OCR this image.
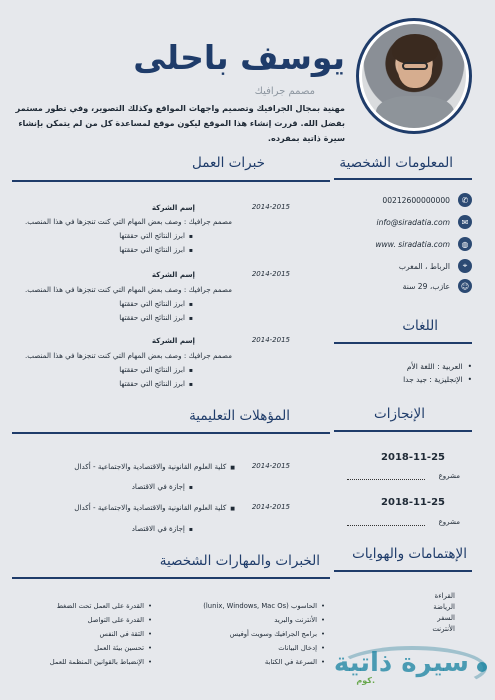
يوسف باحلى
مصمم جرافيك
مهنية بمجال الجرافيك وتصميم واجهات المواقع وكذلك التصوير، وفي تطور مستمر بفضل الله. قررت إنشاء هذا الموقع ليكون موقع لمساعدة كل من لم يتمكن بإنشاء سيرة ذاتية بمفرده.
المعلومات الشخصية
✆
00212600000000
✉
info@siradatia.com
◍
www. siradatia.com
⌖
الرباط ، المغرب
☺
عازب، 29 سنة
اللغات
• العربية : اللغة الأم
• الإنجليزية : جيد جدا
الإنجازات
2018-11-25
مشروع
2018-11-25
مشروع
الإهتمامات والهوايات
القراءة
الرياضة
السفر
الأنترنت
خبرات العمل
2014-2015
إسم الشركة
مصمم جرافيك : وصف بعض المهام التي كنت تنجزها في هذا المنصب.
▪ ابرز النتائج التي حققتها
▪ ابرز النتائج التي حققتها
2014-2015
إسم الشركة
مصمم جرافيك : وصف بعض المهام التي كنت تنجزها في هذا المنصب.
▪ ابرز النتائج التي حققتها
▪ ابرز النتائج التي حققتها
2014-2015
إسم الشركة
مصمم جرافيك : وصف بعض المهام التي كنت تنجزها في هذا المنصب.
▪ ابرز النتائج التي حققتها
▪ ابرز النتائج التي حققتها
المؤهلات التعليمية
2014-2015
■ كلية العلوم القانونية والاقتصادية والاجتماعية - أكدال
▪ إجازة في الاقتصاد
2014-2015
■ كلية العلوم القانونية والاقتصادية والاجتماعية - أكدال
▪ إجازة في الاقتصاد
الخبرات والمهارات الشخصية
• الحاسوب (lunix, Windows, Mac Os)
• الأنترنت والبريد
• برامج الجرافيك وسويت أوفيس
• إدخال البيانات
• السرعة في الكتابة
• القدرة على العمل تحت الضغط
• القدرة على التواصل
• الثقة في النفس
• تحسين بيئة العمل
• الإنضباط بالقوانين المنظمة للعمل	سيرة ذاتية
.كوم
